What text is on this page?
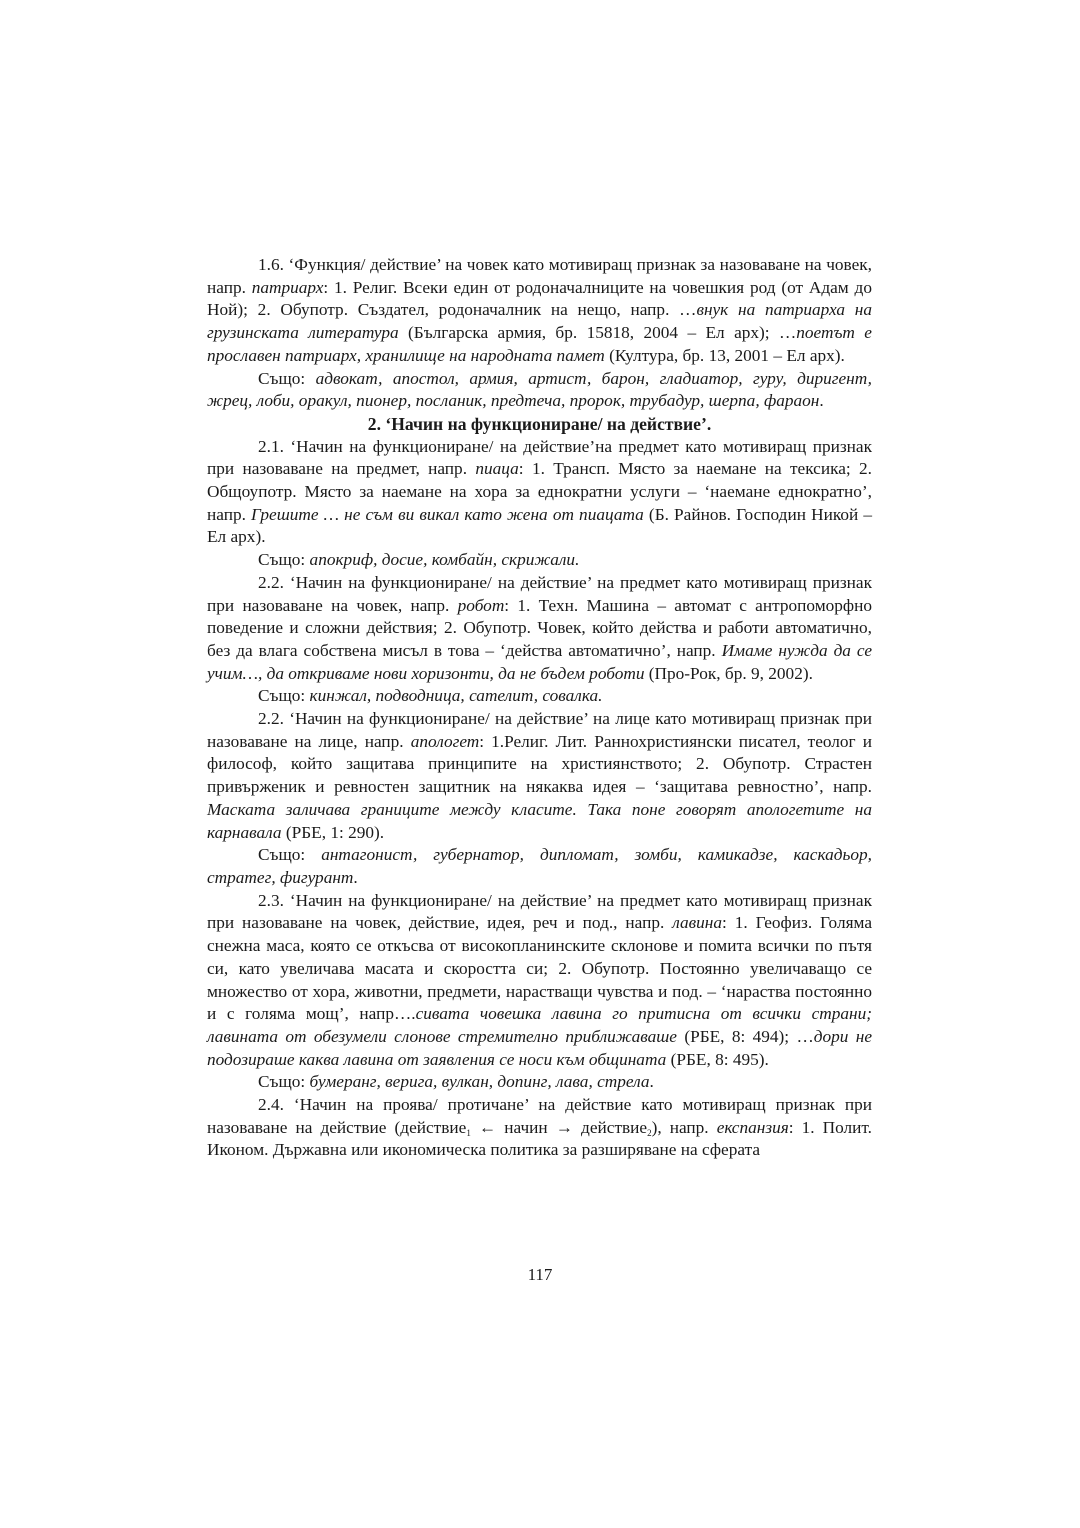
1.6. ‘Функция/ действие’ на човек като мотивиращ признак за назоваване на човек, напр. патриарх: 1. Религ. Всеки един от родоначалниците на човешкия род (от Адам до Ной); 2. Обупотр. Създател, родоначалник на нещо, напр. …внук на патриарха на грузинската литература (Българска армия, бр. 15818, 2004 – Ел арх); …поетът е прославен патриарх, хранилище на народната памет (Култура, бр. 13, 2001 – Ел арх).

Също: адвокат, апостол, армия, артист, барон, гладиатор, гуру, диригент, жрец, лоби, оракул, пионер, посланик, предтеча, пророк, трубадур, шерпа, фараон.

2. ‘Начин на функциониране/ на действие’.

2.1. ‘Начин на функциониране/ на действие’на предмет като мотивиращ признак при назоваване на предмет, напр. пиаца: 1. Трансп. Място за наемане на тексика; 2. Общоупотр. Място за наемане на хора за еднократни услуги – ‘наемане еднократно’, напр. Грешите … не съм ви викал като жена от пиацата (Б. Райнов. Господин Никой – Ел арх).

Също: апокриф, досие, комбайн, скрижали.

2.2. ‘Начин на функциониране/ на действие’ на предмет като мотивиращ признак при назоваване на човек, напр. робот: 1. Техн. Машина – автомат с антропоморфно поведение и сложни действия; 2. Обупотр. Човек, който действа и работи автоматично, без да влага собствена мисъл в това – ‘действа автоматично’, напр. Имаме нужда да се учим…, да откриваме нови хоризонти, да не бъдем роботи (Про-Рок, бр. 9, 2002).

Също: кинжал, подводница, сателит, совалка.

2.2. ‘Начин на функциониране/ на действие’ на лице като мотивиращ признак при назоваване на лице, напр. апологет: 1.Религ. Лит. Раннохристиянски писател, теолог и философ, който защитава принципите на християнството; 2. Обупотр. Страстен привърженик и ревностен защитник на някаква идея – ‘защитава ревностно’, напр. Маската заличава границите между класите. Така поне говорят апологетите на карнавала (РБЕ, 1: 290).

Също: антагонист, губернатор, дипломат, зомби, камикадзе, каскадьор, стратег, фигурант.

2.3. ‘Начин на функциониране/ на действие’ на предмет като мотивиращ признак при назоваване на човек, действие, идея, реч и под., напр. лавина: 1. Геофиз. Голяма снежна маса, която се откъсва от високопланинските склонове и помита всички по пътя си, като увеличава масата и скоростта си; 2. Обупотр. Постоянно увеличаващо се множество от хора, животни, предмети, нарастващи чувства и под. – ‘нараства постоянно и с голяма мощ’, напр….сивата човешка лавина го притисна от всички страни; лавината от обезумели слонове стремително приближаваше (РБЕ, 8: 494); …дори не подозираше каква лавина от заявления се носи към общината (РБЕ, 8: 495).

Също: бумеранг, верига, вулкан, допинг, лава, стрела.

2.4. ‘Начин на проява/ протичане’ на действие като мотивиращ признак при назоваване на действие (действие$_1$ ← начин → действие$_2$), напр. експанзия: 1. Полит. Иконом. Държавна или икономическа политика за разширяване на сферата

117
